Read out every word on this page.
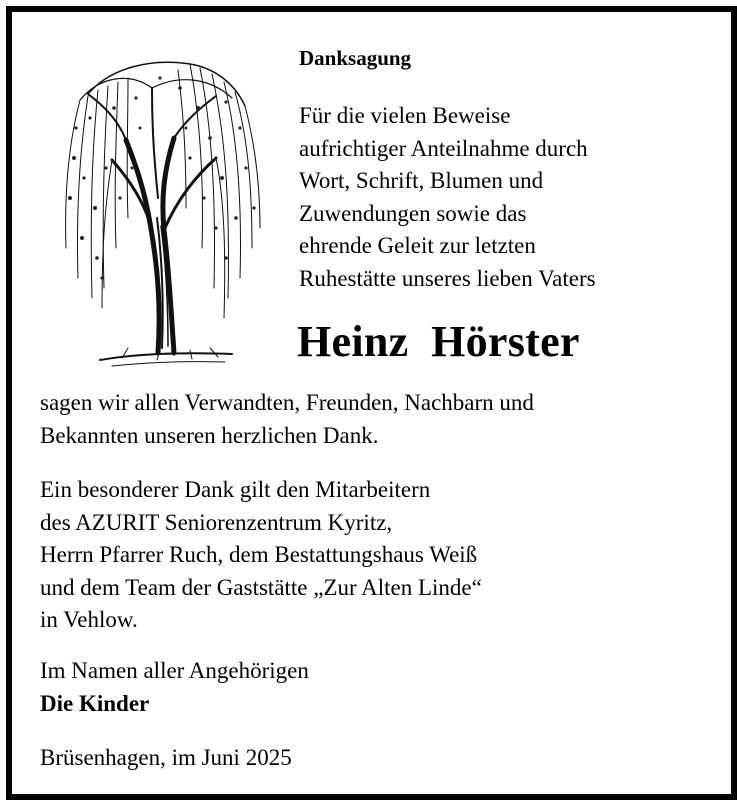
Danksagung
Für die vielen Beweise
aufrichtiger Anteilnahme durch
Wort, Schrift, Blumen und
Zuwendungen sowie das
ehrende Geleit zur letzten
Ruhestätte unseres lieben Vaters
Heinz  Hörster
sagen wir allen Verwandten, Freunden, Nachbarn und
Bekannten unseren herzlichen Dank.
Ein besonderer Dank gilt den Mitarbeitern
des AZURIT Seniorenzentrum Kyritz,
Herrn Pfarrer Ruch, dem Bestattungshaus Weiß
und dem Team der Gaststätte „Zur Alten Linde“
in Vehlow.
Im Namen aller Angehörigen
Die Kinder
Brüsenhagen, im Juni 2025
